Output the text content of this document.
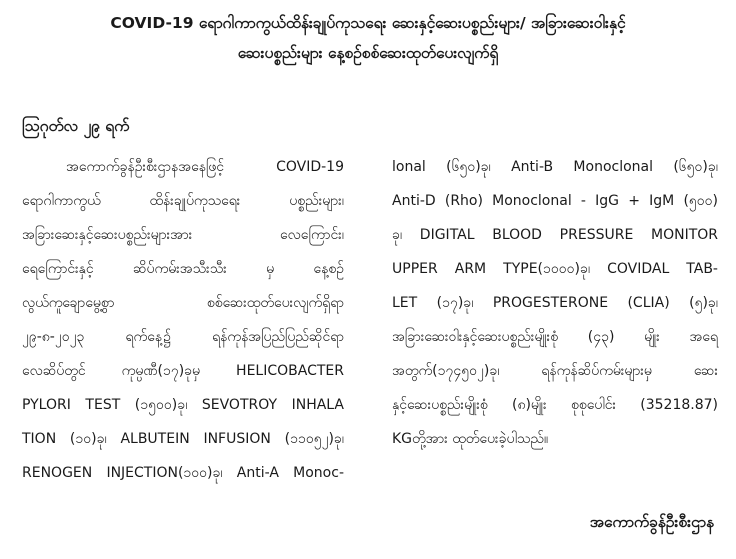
COVID-19 ရောဂါကာကွယ်ထိန်းချုပ်ကုသရေး ဆေးနှင့်ဆေးပစ္စည်းများ/ အခြားဆေးဝါးနှင့်
ဆေးပစ္စည်းများ နေ့စဉ်စစ်ဆေးထုတ်ပေးလျက်ရှိ
ဩဂုတ်လ ၂၉ ရက်
အကောက်ခွန်ဦးစီးဌာနအနေဖြင့် COVID-19
ရောဂါကာကွယ် ထိန်းချုပ်ကုသရေး ပစ္စည်းများ၊
အခြားဆေးနှင့်ဆေးပစ္စည်းများအား လေကြောင်း၊
ရေကြောင်းနှင့် ဆိပ်ကမ်းအသီးသီး မှ နေ့စဉ်
လွယ်ကူချောမွေ့စွာ စစ်ဆေးထုတ်ပေးလျက်ရှိရာ
၂၉-၈-၂၀၂၃ ရက်နေ့၌ ရန်ကုန်အပြည်ပြည်ဆိုင်ရာ
လေဆိပ်တွင် ကုမ္ပဏီ(၁၇)ခုမှ HELICOBACTER
PYLORI TEST (၁၅၀၀)ခု၊ SEVOTROY INHALA
TION (၁၀)ခု၊ ALBUTEIN INFUSION (၁၁၀၅၂)ခု၊
RENOGEN INJECTION(၁၀၀)ခု၊ Anti-A Monoc-
lonal (၆၅၀)ခု၊ Anti-B Monoclonal (၆၅၀)ခု၊
Anti-D (Rho) Monoclonal - IgG + IgM (၅၀၀)
ခု၊ DIGITAL BLOOD PRESSURE MONITOR
UPPER ARM TYPE(၁၀၀၀)ခု၊ COVIDAL TAB-
LET (၁၇)ခု၊ PROGESTERONE (CLIA) (၅)ခု၊
အခြားဆေးဝါးနှင့်ဆေးပစ္စည်းမျိုးစုံ (၄၃) မျိုး အရေ
အတွက်(၁၇၄၅၀၂)ခု၊ ရန်ကုန်ဆိပ်ကမ်းများမှ ဆေး
နှင့်ဆေးပစ္စည်းမျိုးစုံ (၈)မျိုး စုစုပေါင်း (35218.87)
KGတို့အား ထုတ်ပေးခဲ့ပါသည်။
အကောက်ခွန်ဦးစီးဌာန
